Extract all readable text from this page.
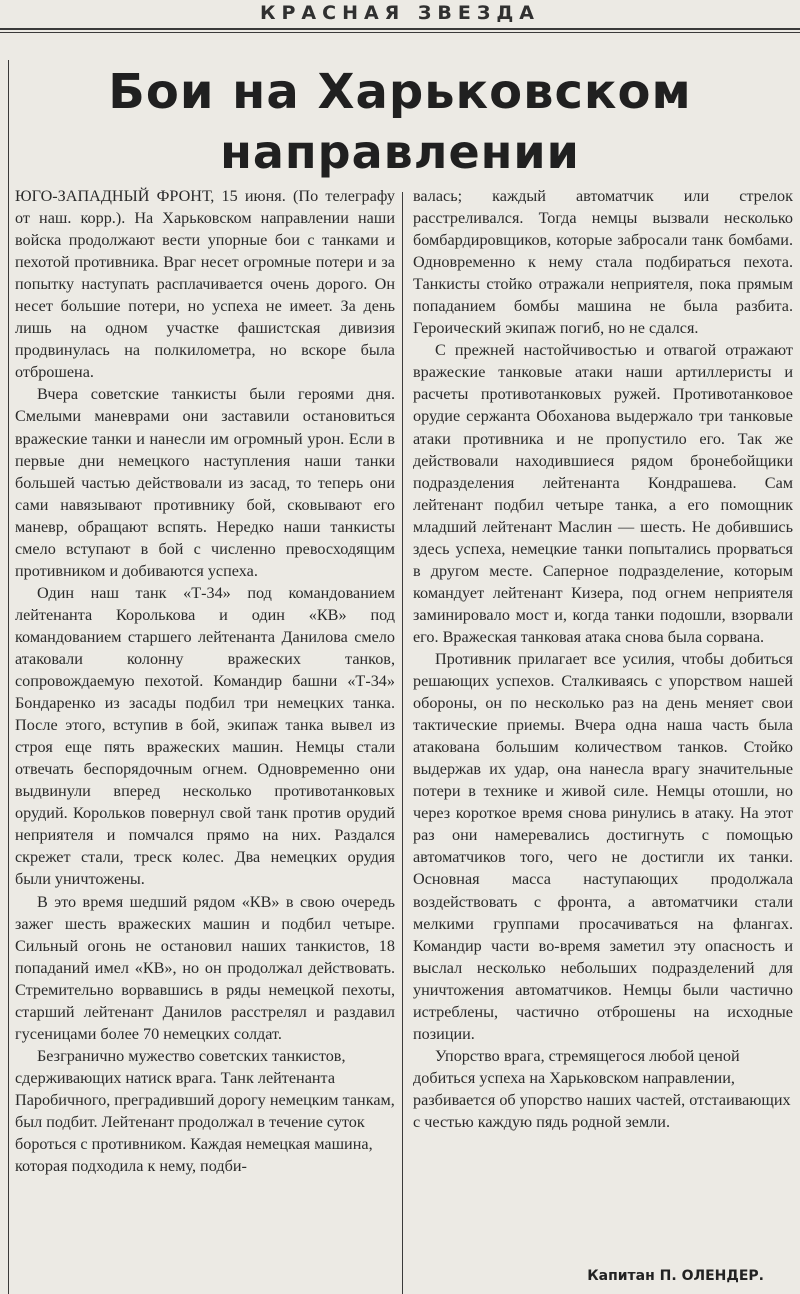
КРАСНАЯ ЗВЕЗДА
Бои на Харьковском
направлении

ЮГО-ЗАПАДНЫЙ ФРОНТ, 15 июня. (По телеграфу от наш. корр.). На Харьковском направлении наши войска продолжают вести упорные бои с танками и пехотой противника. Враг несет огромные потери и за попытку наступать расплачивается очень дорого. Он несет большие потери, но успеха не имеет. За день лишь на одном участке фашистская дивизия продвинулась на полкилометра, но вскоре была отброшена.

Вчера советские танкисты были героями дня. Смелыми маневрами они заставили остановиться вражеские танки и нанесли им огромный урон. Если в первые дни немецкого наступления наши танки большей частью действовали из засад, то теперь они сами навязывают противнику бой, сковывают его маневр, обращают вспять. Нередко наши танкисты смело вступают в бой с численно превосходящим противником и добиваются успеха.

Один наш танк «Т-34» под командованием лейтенанта Королькова и один «КВ» под командованием старшего лейтенанта Данилова смело атаковали колонну вражеских танков, сопровождаемую пехотой. Командир башни «Т-34» Бондаренко из засады подбил три немецких танка. После этого, вступив в бой, экипаж танка вывел из строя еще пять вражеских машин. Немцы стали отвечать беспорядочным огнем. Одновременно они выдвинули вперед несколько противотанковых орудий. Корольков повернул свой танк против орудий неприятеля и помчался прямо на них. Раздался скрежет стали, треск колес. Два немецких орудия были уничтожены.

В это время шедший рядом «КВ» в свою очередь зажег шесть вражеских машин и подбил четыре. Сильный огонь не остановил наших танкистов, 18 попаданий имел «КВ», но он продолжал действовать. Стремительно ворвавшись в ряды немецкой пехоты, старший лейтенант Данилов расстрелял и раздавил гусеницами более 70 немецких солдат.

Безгранично мужество советских танкистов, сдерживающих натиск врага. Танк лейтенанта Паробичного, преградивший дорогу немецким танкам, был подбит. Лейтенант продолжал в течение суток бороться с противником. Каждая немецкая машина, которая подходила к нему, подби-

валась; каждый автоматчик или стрелок расстреливался. Тогда немцы вызвали несколько бомбардировщиков, которые забросали танк бомбами. Одновременно к нему стала подбираться пехота. Танкисты стойко отражали неприятеля, пока прямым попаданием бомбы машина не была разбита. Героический экипаж погиб, но не сдался.

С прежней настойчивостью и отвагой отражают вражеские танковые атаки наши артиллеристы и расчеты противотанковых ружей. Противотанковое орудие сержанта Обоханова выдержало три танковые атаки противника и не пропустило его. Так же действовали находившиеся рядом бронебойщики подразделения лейтенанта Кондрашева. Сам лейтенант подбил четыре танка, а его помощник младший лейтенант Маслин — шесть. Не добившись здесь успеха, немецкие танки попытались прорваться в другом месте. Саперное подразделение, которым командует лейтенант Кизера, под огнем неприятеля заминировало мост и, когда танки подошли, взорвали его. Вражеская танковая атака снова была сорвана.

Противник прилагает все усилия, чтобы добиться решающих успехов. Сталкиваясь с упорством нашей обороны, он по несколько раз на день меняет свои тактические приемы. Вчера одна наша часть была атакована большим количеством танков. Стойко выдержав их удар, она нанесла врагу значительные потери в технике и живой силе. Немцы отошли, но через короткое время снова ринулись в атаку. На этот раз они намеревались достигнуть с помощью автоматчиков того, чего не достигли их танки. Основная масса наступающих продолжала воздействовать с фронта, а автоматчики стали мелкими группами просачиваться на флангах. Командир части во-время заметил эту опасность и выслал несколько небольших подразделений для уничтожения автоматчиков. Немцы были частично истреблены, частично отброшены на исходные позиции.

Упорство врага, стремящегося любой ценой добиться успеха на Харьковском направлении, разбивается об упорство наших частей, отстаивающих с честью каждую пядь родной земли.

Капитан П. ОЛЕНДЕР.
